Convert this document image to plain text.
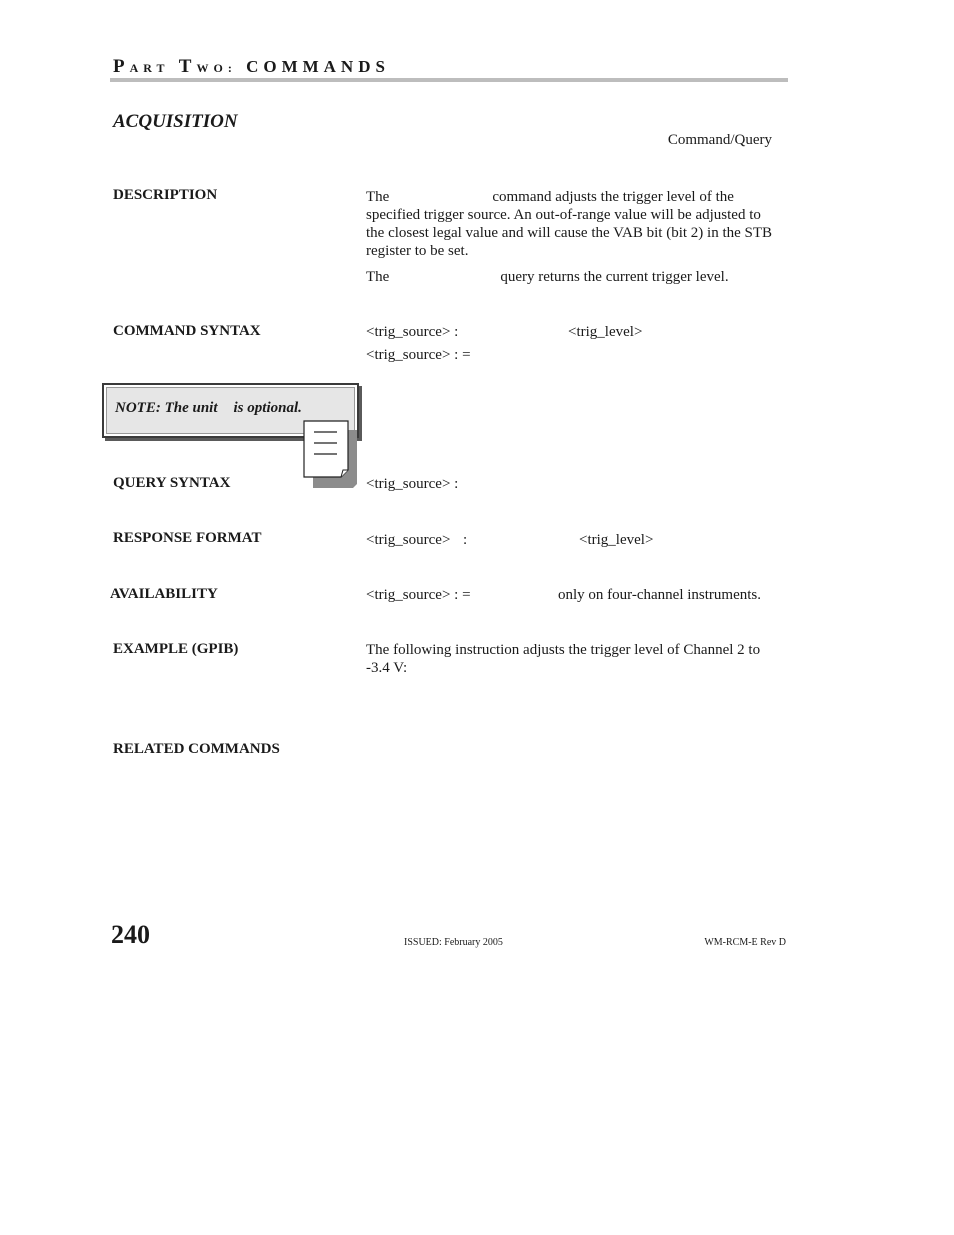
PART TWO: COMMANDS
ACQUISITION
Command/Query
DESCRIPTION	The	command adjusts the trigger level of the specified trigger source. An out-of-range value will be adjusted to the closest legal value and will cause the VAB bit (bit 2) in the STB register to be set.
The	query returns the current trigger level.
COMMAND SYNTAX	<trig_source> :	<trig_level>
<trig_source> : =
NOTE: The unit is optional.
QUERY SYNTAX	<trig_source> :
RESPONSE FORMAT	<trig_source> :	<trig_level>
AVAILABILITY	<trig_source> : =	only on four-channel instruments.
EXAMPLE (GPIB)	The following instruction adjusts the trigger level of Channel 2 to -3.4 V:
RELATED COMMANDS
240	ISSUED: February 2005	WM-RCM-E Rev D
